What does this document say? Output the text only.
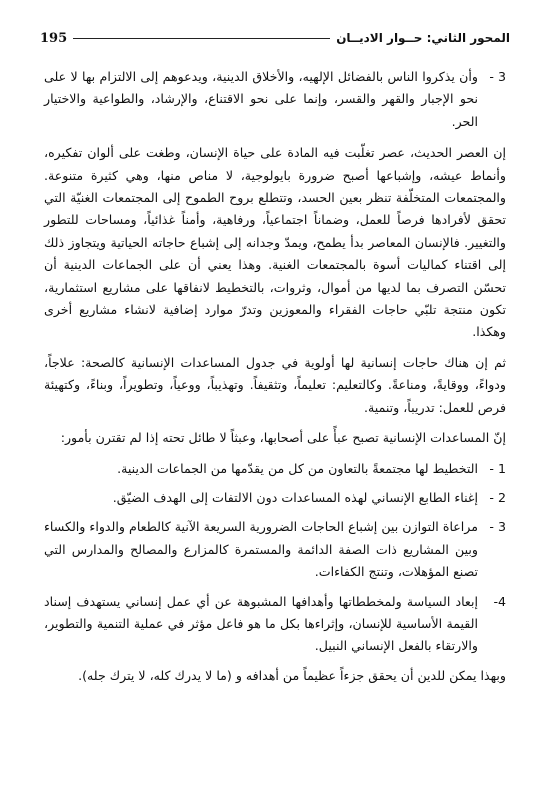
المحور الثاني: حــوار الاديــان
195
3 -
وأن يذكروا الناس بالفضائل الإلهيه، والأخلاق الدينية، ويدعوهم إلى الالتزام بها لا على نحو الإجبار والقهر والقسر، وإنما على نحو الاقتناع، والإرشاد، والطواعية والاختيار الحر.

إن العصر الحديث، عصر تغلّبت فيه المادة على حياة الإنسان، وطغت على ألوان تفكيره، وأنماط عيشه، وإشباعها أصبح ضرورة بايولوجية، لا مناص منها، وهي كثيرة متنوعة. والمجتمعات المتخلّفة تنظر بعين الحسد، وتتطلع بروح الطموح إلى المجتمعات الغنيّة التي تحقق لأفرادها فرصاً للعمل، وضماناً اجتماعياً، ورفاهية، وأمناً غذائياً، ومساحات للتطور والتغيير. فالإنسان المعاصر بدأ يطمح، ويمدّ وجدانه إلى إشباع حاجاته الحياتية ويتجاوز ذلك إلى اقتناء كماليات أسوة بالمجتمعات الغنية. وهذا يعني أن على الجماعات الدينية أن تحسّن التصرف بما لديها من أموال، وثروات، بالتخطيط لانفاقها على مشاريع استثمارية، تكون منتجة تلبّي حاجات الفقراء والمعوزين وتدرّ موارد إضافية لانشاء مشاريع أخرى وهكذا.

ثم إن هناك حاجات إنسانية لها أولوية في جدول المساعدات الإنسانية كالصحة: علاجاً، ودواءً، ووقايةً، ومناعةً. وكالتعليم: تعليماً، وتثقيفاً. وتهذيباً، ووعياً، وتطويراً، وبناءً، وكتهيئة فرص للعمل: تدريباً، وتنمية.

إنّ المساعدات الإنسانية تصبح عبأً على أصحابها، وعبثاً لا طائل تحته إذا لم تقترن بأمور:

1 -
التخطيط لها مجتمعةً بالتعاون من كل من يقدّمها من الجماعات الدينية.
2 -
إغناء الطابع الإنساني لهذه المساعدات دون الالتفات إلى الهدف الضيّق.
3 -
مراعاة التوازن بين إشباع الحاجات الضرورية السريعة الآنية كالطعام والدواء والكساء وبين المشاريع ذات الصفة الدائمة والمستمرة كالمزارع والمصالح والمدارس التي تصنع المؤهلات، وتنتج الكفاءات.
4-
إبعاد السياسة ولمخططاتها وأهدافها المشبوهة عن أي عمل إنساني يستهدف إسناد القيمة الأساسية للإنسان، وإثراءها بكل ما هو فاعل مؤثر في عملية التنمية والتطوير، والارتقاء بالفعل الإنساني النبيل.

وبهذا يمكن للدين أن يحقق جزءاً عظيماً من أهدافه و (ما لا يدرك كله، لا يترك جله).
